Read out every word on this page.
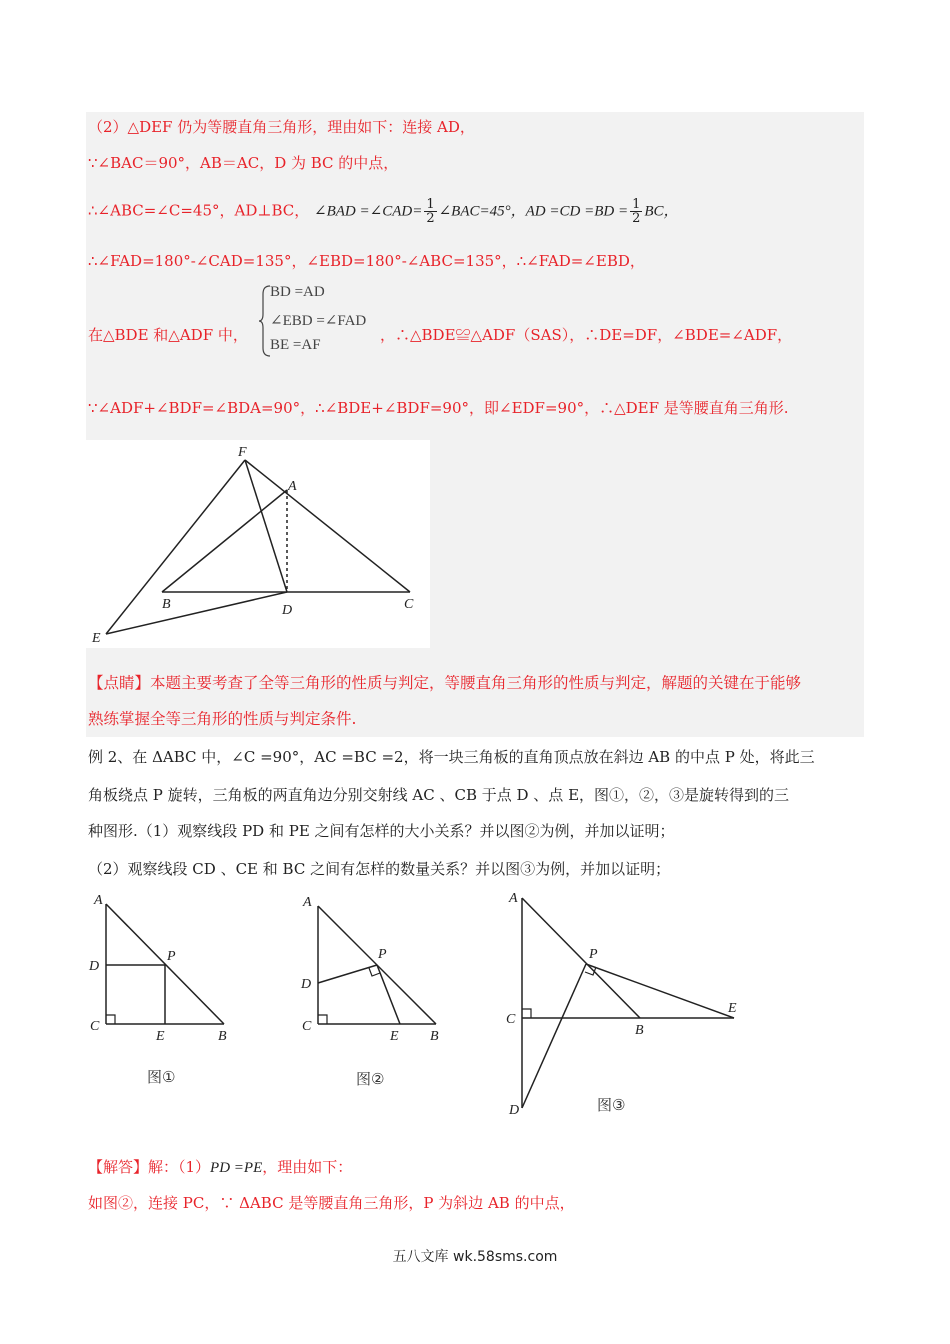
（2）△DEF 仍为等腰直角三角形，理由如下：连接 AD，
∵∠BAC＝90°，AB＝AC，D 为 BC 的中点，
∴∠ABC=∠C=45°，AD⊥BC， ∠BAD =∠CAD= $\frac{1}{2}$ ∠BAC=45°，AD $=CD =BD = \frac{1}{2}$ BC，
∴∠FAD=180°-∠CAD=135°，∠EBD=180°-∠ABC=135°，∴∠FAD=∠EBD，
在△BDE 和△ADF 中，
BD =AD
∠EBD =∠FAD
BE =AF
，∴△BDE≌△ADF（SAS），∴DE=DF，∠BDE=∠ADF，
∵∠ADF+∠BDF=∠BDA=90°，∴∠BDE+∠BDF=90°，即∠EDF=90°，∴△DEF 是等腰直角三角形.
F
A
B	D	C
E
【点睛】本题主要考查了全等三角形的性质与判定，等腰直角三角形的性质与判定，解题的关键在于能够
熟练掌握全等三角形的性质与判定条件.
例 2、在 ΔABC 中，∠C =90°，AC =BC =2，将一块三角板的直角顶点放在斜边 AB 的中点 P 处，将此三
角板绕点 P 旋转，三角板的两直角边分别交射线 AC 、CB 于点 D 、点 E，图①，②，③是旋转得到的三
种图形.（1）观察线段 PD 和 PE 之间有怎样的大小关系？并以图②为例，并加以证明；
（2）观察线段 CD 、CE 和 BC 之间有怎样的数量关系？并以图③为例，并加以证明；
A
D
P
C
E	B
图①
A
P
D
C
E B
图②
A
P
C
B
E
D	图③
【解答】解：（1）PD =PE，理由如下：
如图②，连接 PC，∵ ΔABC 是等腰直角三角形，P 为斜边 AB 的中点，
五八文库 wk.58sms.com
